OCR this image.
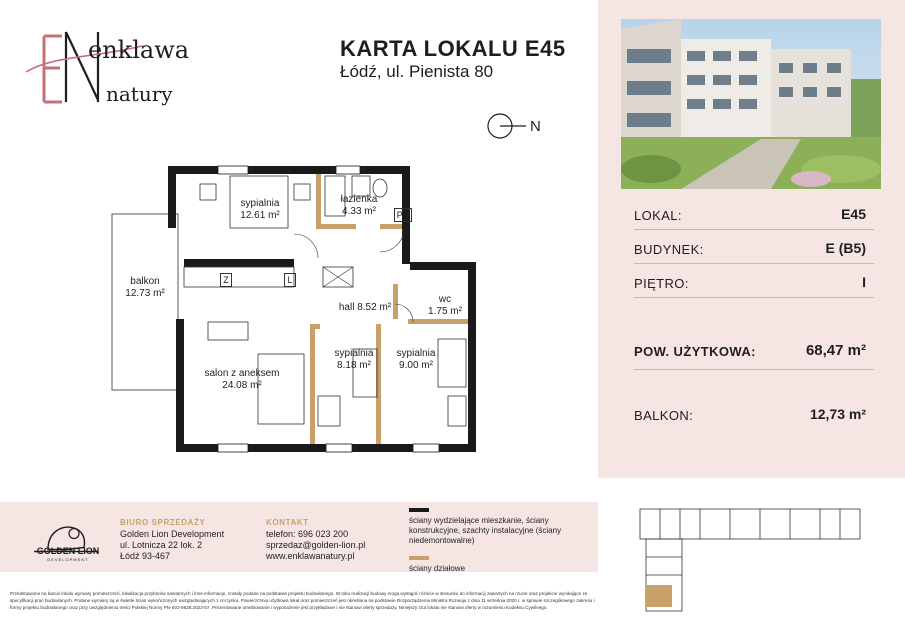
enklawa
natury
KARTA LOKALU E45
Łódź, ul. Pienista 80
N
sypialnia
12.61 m²
łazienka
4.33 m²	PR
balkon
12.73 m²
Z	L
hall 8.52 m²
wc
1.75 m²
salon z aneksem
24.08 m²
sypialnia
8.18 m²
sypialnia
9.00 m²
LOKAL:	E45
BUDYNEK:	E (B5)
PIĘTRO:	I
POW. UŻYTKOWA:	68,47 m²
BALKON:	12,73 m²
GOLDEN LION
DEVELOPMENT
BIURO SPRZEDAŻY
Golden Lion Development
ul. Lotnicza 22 lok. 2
Łódź 93-467
KONTAKT
telefon: 696 023 200
sprzedaz@golden-lion.pl
www.enklawanatury.pl
ściany wydzielające mieszkanie, ściany konstrukcyjne, szachty instalacyjne (ściany niedemontowalne)
ściany działowe
Przedstawione na karcie lokalu wymiary pomieszczeń, lokalizacja przyborów sanitarnych i inne informacje, zostały podane na podstawie projektu budowlanego. W toku realizacji budowy mogą wystąpić różnice w stosunku do informacji zawartych na rzucie oraz projekcie wynikające ze specyfikacji prac budowlanych. Podane wymiary są w świetle ścian wykończonych uwzględniających 1 cm tynku. Powierzchnia użytkowa lokal oraz pomieszczeń jest określana na podstawie Rozporządzenia Ministra Rozwoju z dnia 11 września 2020 r. w sprawie szczegółowego zakresu i formy projektu budowlanego oraz przy uwzględnieniu treści Polskiej Normy PN-ISO-9836:2022-07. Prezentowane umeblowanie i wyposażenie jest przykładowe i nie stanowi oferty sprzedaży. Niniejszy rzut lokalu nie stanowi oferty w rozumieniu Kodeksu Cywilnego.
